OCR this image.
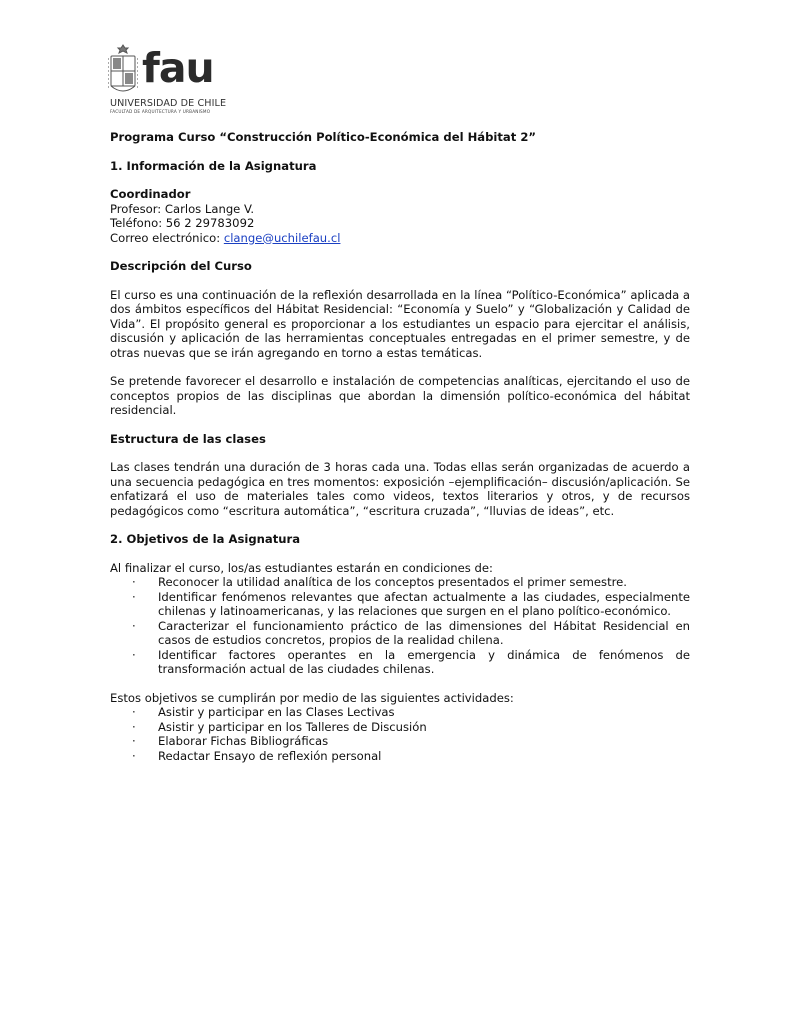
fau
UNIVERSIDAD DE CHILE
FACULTAD DE ARQUITECTURA Y URBANISMO

Programa Curso “Construcción Político-Económica del Hábitat 2”

1. Información de la Asignatura

Coordinador

Profesor: Carlos Lange V.

Teléfono: 56 2 29783092

Correo electrónico: clange@uchilefau.cl

Descripción del Curso

El curso es una continuación de la reflexión desarrollada en la línea “Político-Económica” aplicada a dos ámbitos específicos del Hábitat Residencial: “Economía y Suelo” y “Globalización y Calidad de Vida”. El propósito general es proporcionar a los estudiantes un espacio para ejercitar el análisis, discusión y aplicación de las herramientas conceptuales entregadas en el primer semestre, y de otras nuevas que se irán agregando en torno a estas temáticas.

Se pretende favorecer el desarrollo e instalación de competencias analíticas, ejercitando el uso de conceptos propios de las disciplinas que abordan la dimensión político-económica del hábitat residencial.

Estructura de las clases

Las clases tendrán una duración de 3 horas cada una. Todas ellas serán organizadas de acuerdo a una secuencia pedagógica en tres momentos: exposición –ejemplificación– discusión/aplicación. Se enfatizará el uso de materiales tales como videos, textos literarios y otros, y de recursos pedagógicos como “escritura automática”, “escritura cruzada”, “lluvias de ideas”, etc.

2. Objetivos de la Asignatura

Al finalizar el curso, los/as estudiantes estarán en condiciones de:

· Reconocer la utilidad analítica de los conceptos presentados el primer semestre.
· Identificar fenómenos relevantes que afectan actualmente a las ciudades, especialmente chilenas y latinoamericanas, y las relaciones que surgen en el plano político-económico.
· Caracterizar el funcionamiento práctico de las dimensiones del Hábitat Residencial en casos de estudios concretos, propios de la realidad chilena.
· Identificar factores operantes en la emergencia y dinámica de fenómenos de transformación actual de las ciudades chilenas.

Estos objetivos se cumplirán por medio de las siguientes actividades:

· Asistir y participar en las Clases Lectivas
· Asistir y participar en los Talleres de Discusión
· Elaborar Fichas Bibliográficas
· Redactar Ensayo de reflexión personal
